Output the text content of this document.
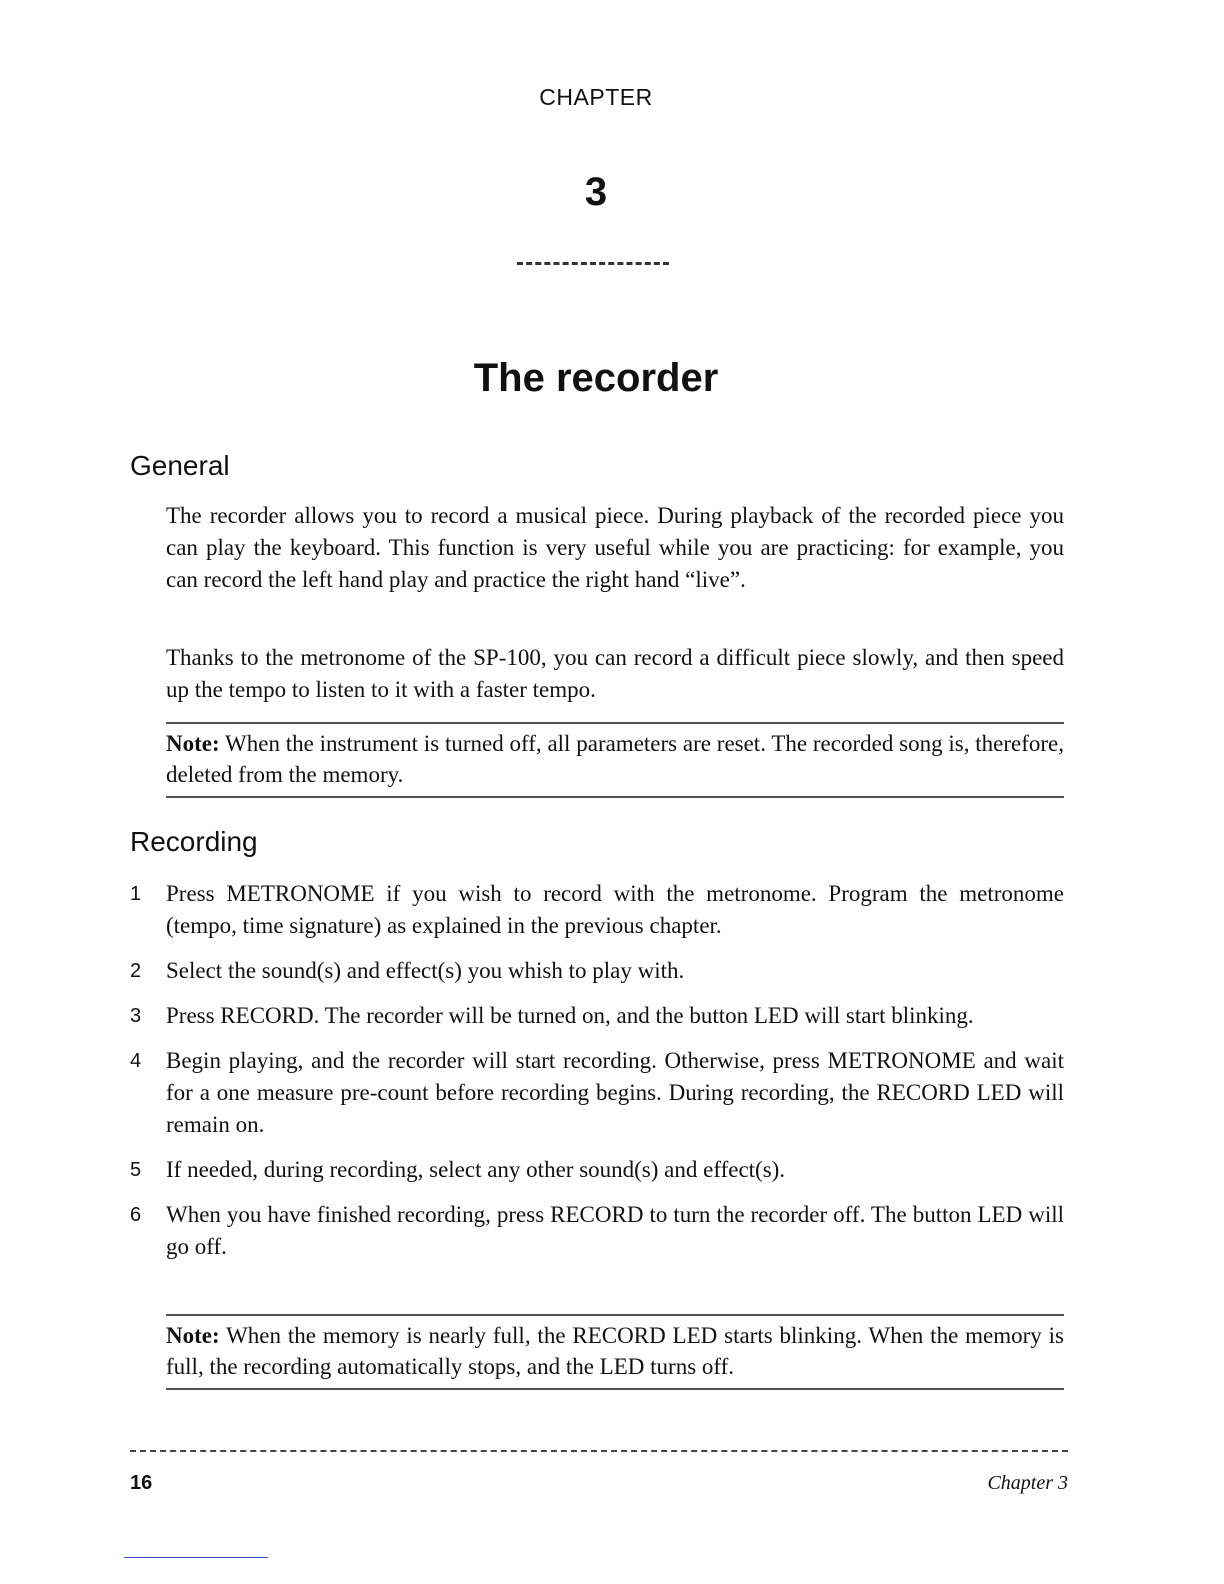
CHAPTER
3
The recorder
General

The recorder allows you to record a musical piece. During playback of the recorded piece you can play the keyboard. This function is very useful while you are practicing: for example, you can record the left hand play and practice the right hand “live”.

Thanks to the metronome of the SP-100, you can record a difficult piece slowly, and then speed up the tempo to listen to it with a faster tempo.

Note: When the instrument is turned off, all parameters are reset. The recorded song is, therefore, deleted from the memory.
Recording
1 Press METRONOME if you wish to record with the metronome. Program the metronome (tempo, time signature) as explained in the previous chapter.
2 Select the sound(s) and effect(s) you whish to play with.
3 Press RECORD. The recorder will be turned on, and the button LED will start blinking.
4 Begin playing, and the recorder will start recording. Otherwise, press METRONOME and wait for a one measure pre-count before recording begins. During recording, the RECORD LED will remain on.
5 If needed, during recording, select any other sound(s) and effect(s).
6 When you have finished recording, press RECORD to turn the recorder off. The button LED will go off.
Note: When the memory is nearly full, the RECORD LED starts blinking. When the memory is full, the recording automatically stops, and the LED turns off.
16	Chapter 3
